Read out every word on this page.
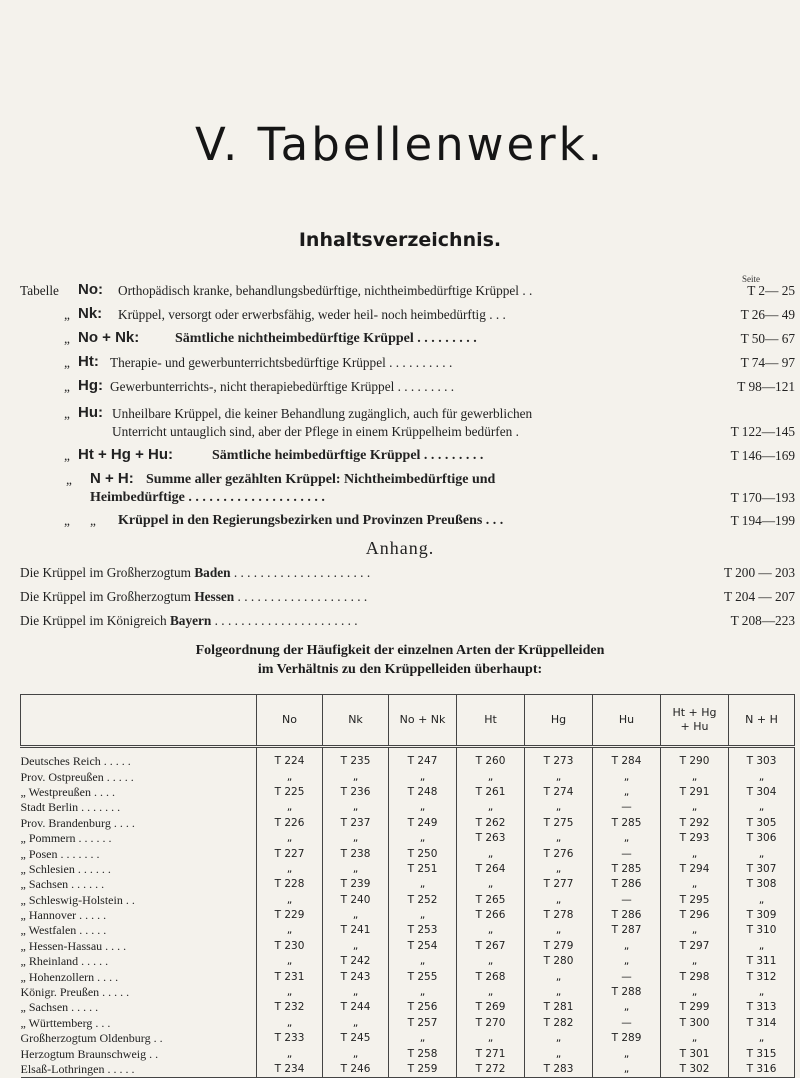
V. Tabellenwerk.
Inhaltsverzeichnis.
Seite
Tabelle No: Orthopädisch kranke, behandlungsbedürftige, nichtheimbedürftige Krüppel . .	T 2— 25
„ Nk: Krüppel, versorgt oder erwerbsfähig, weder heil- noch heimbedürftig . . .	T 26— 49
„ No + Nk:	Sämtliche nichtheimbedürftige Krüppel . . . . . . . . .	T 50— 67
„ Ht: Therapie- und gewerbunterrichtsbedürftige Krüppel . . . . . . . . . .	T 74— 97
„ Hg: Gewerbunterrichts-, nicht therapiebedürftige Krüppel . . . . . . . . .	T 98—121
„ Hu: Unheilbare Krüppel, die keiner Behandlung zugänglich, auch für gewerblichen
Unterricht untauglich sind, aber der Pflege in einem Krüppelheim bedürfen .	T 122—145
„ Ht + Hg + Hu:	Sämtliche heimbedürftige Krüppel . . . . . . . . .	T 146—169
„ N + H: Summe aller gezählten Krüppel: Nichtheimbedürftige und
Heimbedürftige . . . . . . . . . . . . . . . . . . . .	T 170—193
„ „ Krüppel in den Regierungsbezirken und Provinzen Preußens . . .	T 194—199
Anhang.
Die Krüppel im Großherzogtum Baden . . . . . . . . . . . . . . . . . . . . .	T 200 — 203
Die Krüppel im Großherzogtum Hessen . . . . . . . . . . . . . . . . . . . .	T 204 — 207
Die Krüppel im Königreich Bayern . . . . . . . . . . . . . . . . . . . . . .	T 208—223
Folgeordnung der Häufigkeit der einzelnen Arten der Krüppelleiden
im Verhältnis zu den Krüppelleiden überhaupt:
	No	Nk	No + Nk	Ht	Hg	Hu	Ht + Hg
+ Hu	N + H
Deutsches Reich . . . . .	T 224	T 235	T 247	T 260	T 273	T 284	T 290	T 303
Prov. Ostpreußen . . . . .	„	„	„	„	„	„	„	„
„ Westpreußen . . . .	T 225	T 236	T 248	T 261	T 274	„	T 291	T 304
Stadt Berlin . . . . . . .	„	„	„	„	„	—	„	„
Prov. Brandenburg . . . .	T 226	T 237	T 249	T 262	T 275	T 285	T 292	T 305
„ Pommern . . . . . .	„	„	„	T 263	„	„	T 293	T 306
„ Posen . . . . . . .	T 227	T 238	T 250	„	T 276	—	„	„
„ Schlesien . . . . . .	„	„	T 251	T 264	„	T 285	T 294	T 307
„ Sachsen . . . . . .	T 228	T 239	„	„	T 277	T 286	„	T 308
„ Schleswig-Holstein . .	„	T 240	T 252	T 265	„	—	T 295	„
„ Hannover . . . . .	T 229	„	„	T 266	T 278	T 286	T 296	T 309
„ Westfalen . . . . .	„	T 241	T 253	„	„	T 287	„	T 310
„ Hessen-Hassau . . . .	T 230	„	T 254	T 267	T 279	„	T 297	„
„ Rheinland . . . . .	„	T 242	„	„	T 280	„	„	T 311
„ Hohenzollern . . . .	T 231	T 243	T 255	T 268	„	—	T 298	T 312
Königr. Preußen . . . . .	„	„	„	„	„	T 288	„	„
„ Sachsen . . . . .	T 232	T 244	T 256	T 269	T 281	„	T 299	T 313
„ Württemberg . . .	„	„	T 257	T 270	T 282	—	T 300	T 314
Großherzogtum Oldenburg . .	T 233	T 245	„	„	„	T 289	„	„
Herzogtum Braunschweig . .	„	„	T 258	T 271	„	„	T 301	T 315
Elsaß-Lothringen . . . . .	T 234	T 246	T 259	T 272	T 283	„	T 302	T 316
